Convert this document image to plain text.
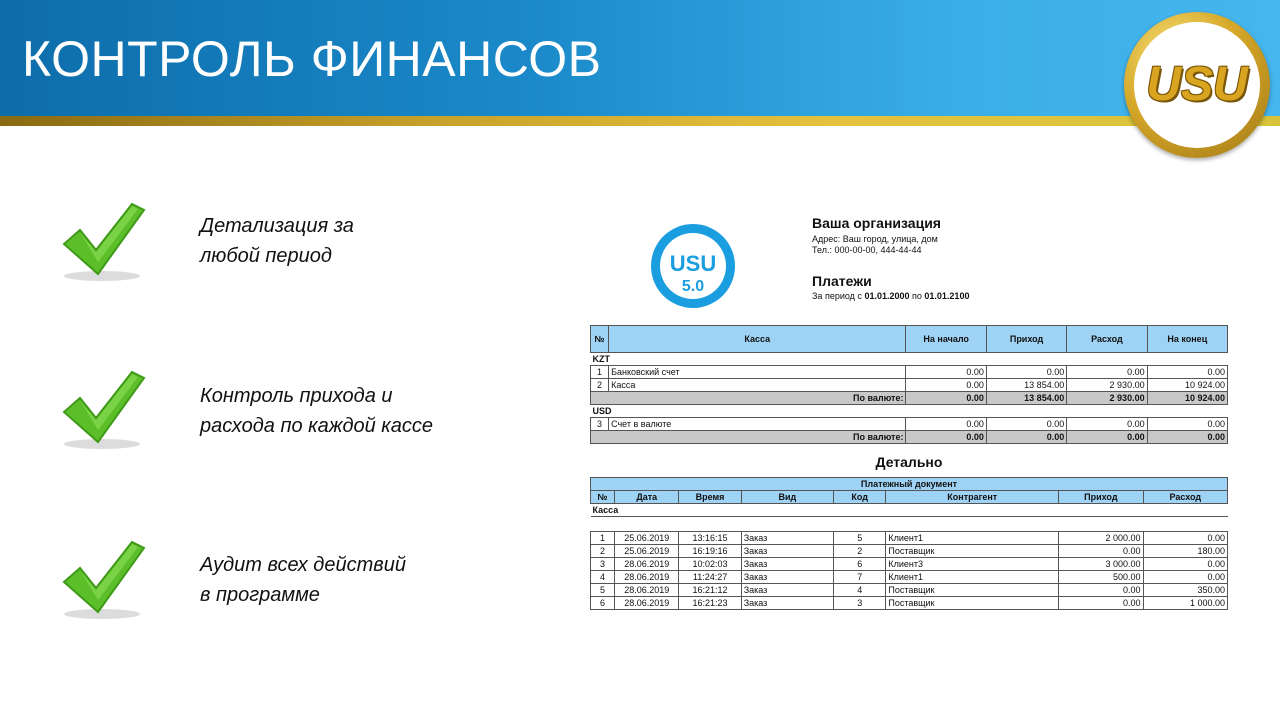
КОНТРОЛЬ ФИНАНСОВ	USU
Детализация за
любой период
Контроль прихода и
расхода по каждой кассе
Аудит всех действий
в программе
USU
5.0
Ваша организация
Адрес: Ваш город, улица, дом
Тел.: 000-00-00, 444-44-44
Платежи
За период с 01.01.2000 по 01.01.2100
№	Касса	На начало	Приход	Расход	На конец
KZT					
1	Банковский счет	0.00	0.00	0.00	0.00
2	Касса	0.00	13 854.00	2 930.00	10 924.00
По валюте:		0.00	13 854.00	2 930.00	10 924.00
USD					
3	Счет в валюте	0.00	0.00	0.00	0.00
По валюте:		0.00	0.00	0.00	0.00
Детально
Платежный документ							
№	Дата	Время	Вид	Код	Контрагент	Приход	Расход
Касса							

1	25.06.2019	13:16:15	Заказ	5	Клиент1	2 000.00	0.00
2	25.06.2019	16:19:16	Заказ	2	Поставщик	0.00	180.00
3	28.06.2019	10:02:03	Заказ	6	Клиент3	3 000.00	0.00
4	28.06.2019	11:24:27	Заказ	7	Клиент1	500.00	0.00
5	28.06.2019	16:21:12	Заказ	4	Поставщик	0.00	350.00
6	28.06.2019	16:21:23	Заказ	3	Поставщик	0.00	1 000.00
